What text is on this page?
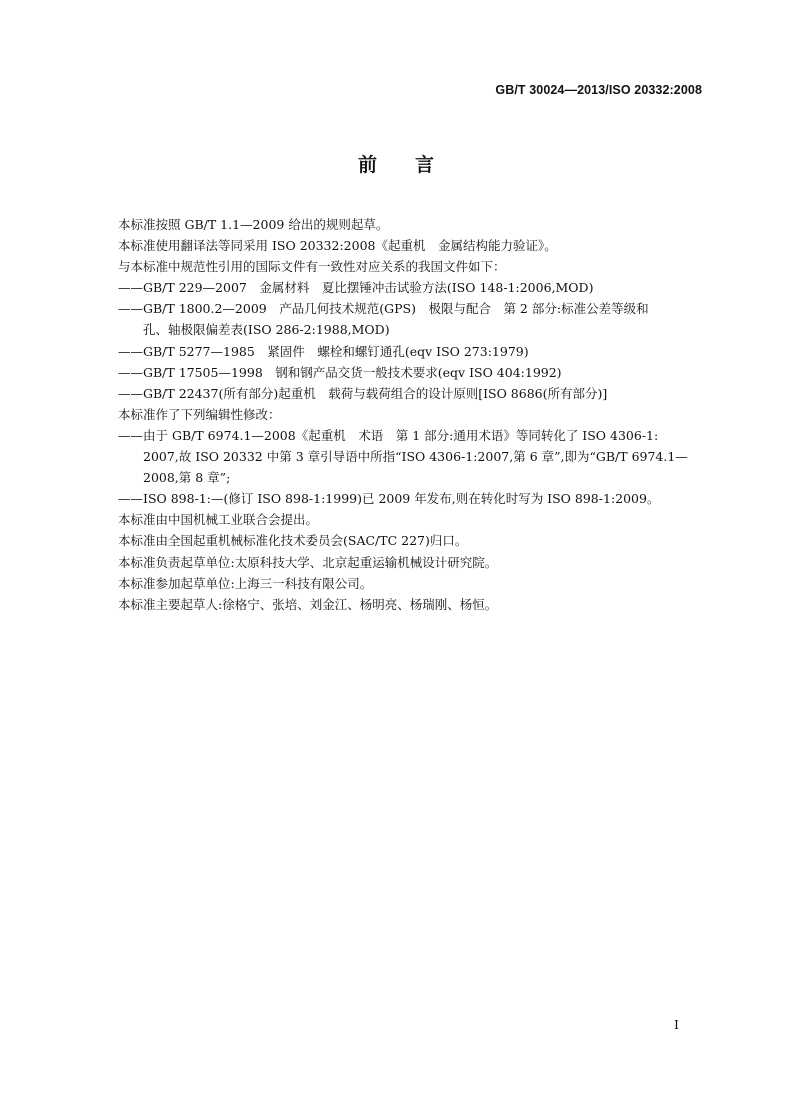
GB/T 30024—2013/ISO 20332:2008
前　　言
本标准按照 GB/T 1.1—2009 给出的规则起草。
本标准使用翻译法等同采用 ISO 20332:2008《起重机　金属结构能力验证》。
与本标准中规范性引用的国际文件有一致性对应关系的我国文件如下：
——GB/T 229—2007　金属材料　夏比摆锤冲击试验方法(ISO 148-1:2006,MOD)
——GB/T 1800.2—2009　产品几何技术规范(GPS)　极限与配合　第 2 部分:标准公差等级和
孔、轴极限偏差表(ISO 286-2:1988,MOD)
——GB/T 5277—1985　紧固件　螺栓和螺钉通孔(eqv ISO 273:1979)
——GB/T 17505—1998　钢和钢产品交货一般技术要求(eqv ISO 404:1992)
——GB/T 22437(所有部分)起重机　载荷与载荷组合的设计原则[ISO 8686(所有部分)]
本标准作了下列编辑性修改：
——由于 GB/T 6974.1—2008《起重机　术语　第 1 部分:通用术语》等同转化了 ISO 4306-1:
2007,故 ISO 20332 中第 3 章引导语中所指“ISO 4306-1:2007,第 6 章”,即为“GB/T 6974.1—
2008,第 8 章”;
——ISO 898-1:—(修订 ISO 898-1:1999)已 2009 年发布,则在转化时写为 ISO 898-1:2009。
本标准由中国机械工业联合会提出。
本标准由全国起重机械标准化技术委员会(SAC/TC 227)归口。
本标准负责起草单位:太原科技大学、北京起重运输机械设计研究院。
本标准参加起草单位:上海三一科技有限公司。
本标准主要起草人:徐格宁、张培、刘金江、杨明亮、杨瑞刚、杨恒。
I
